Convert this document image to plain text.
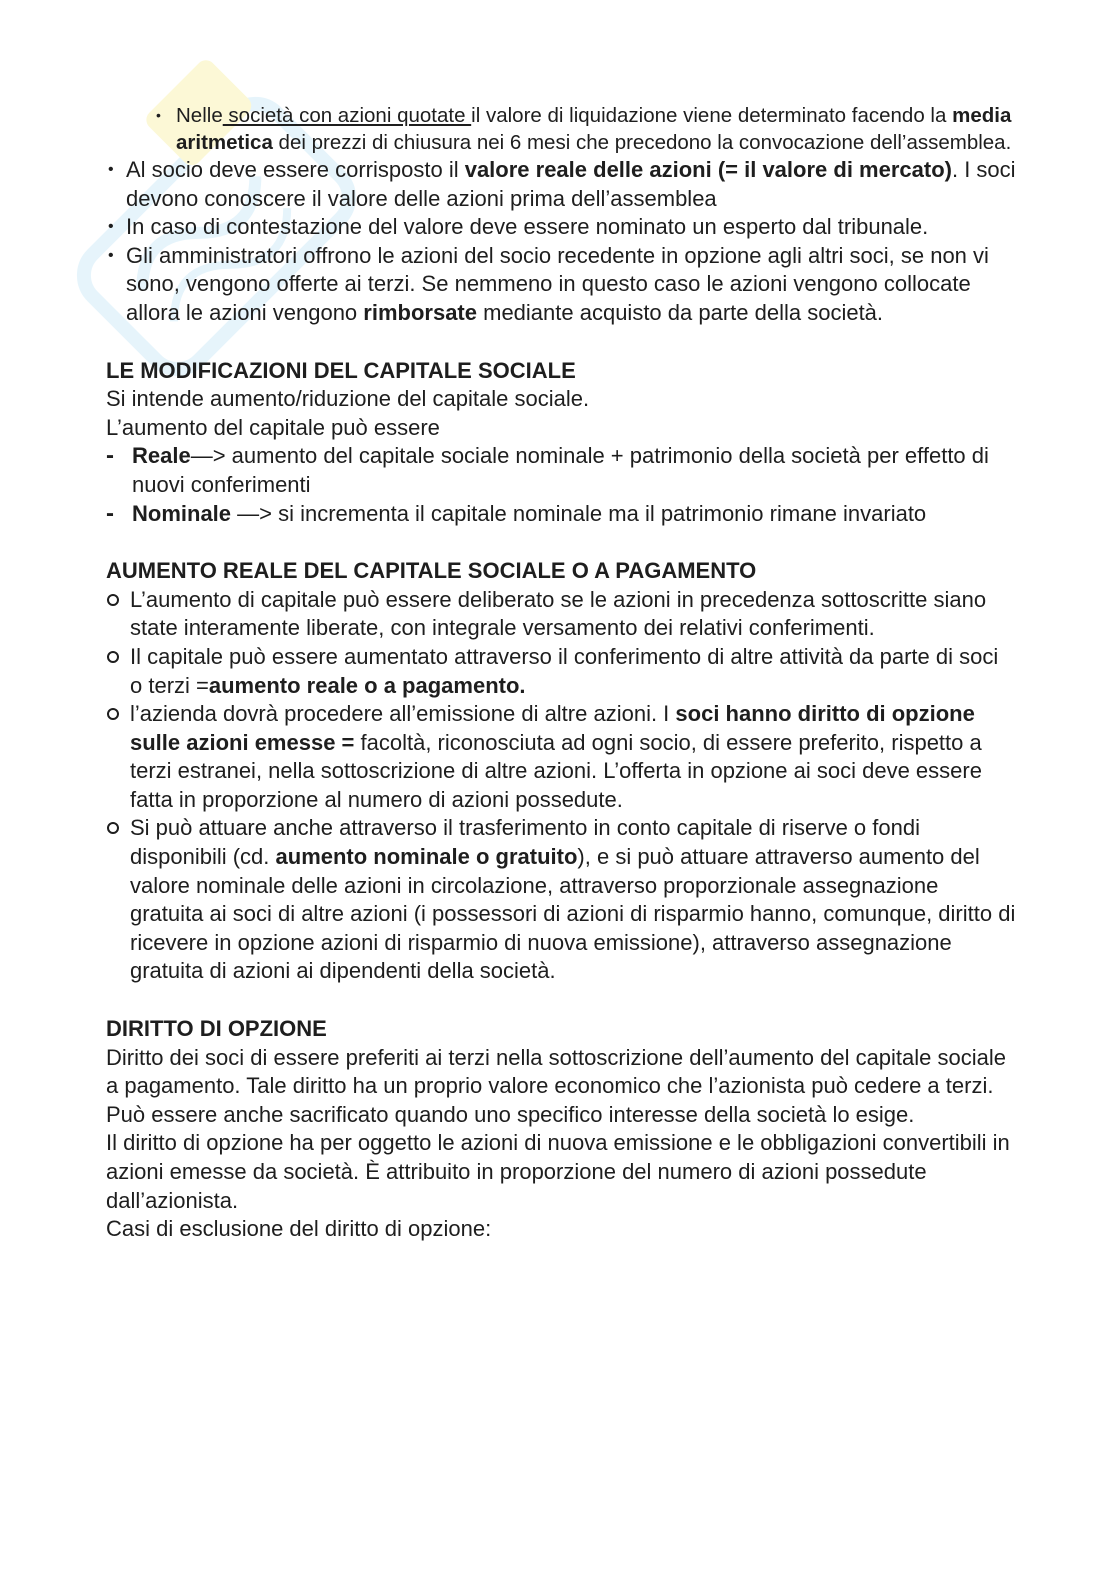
• Nelle società con azioni quotate il valore di liquidazione viene determinato facendo la media aritmetica dei prezzi di chiusura nei 6 mesi che precedono la convocazione dell’assemblea.
• Al socio deve essere corrisposto il valore reale delle azioni (= il valore di mercato). I soci devono conoscere il valore delle azioni prima dell’assemblea
• In caso di contestazione del valore deve essere nominato un esperto dal tribunale.
• Gli amministratori offrono le azioni del socio recedente in opzione agli altri soci, se non vi sono, vengono offerte ai terzi. Se nemmeno in questo caso le azioni vengono collocate allora le azioni vengono rimborsate mediante acquisto da parte della società.
LE MODIFICAZIONI DEL CAPITALE SOCIALE

Si intende aumento/riduzione del capitale sociale.

L’aumento del capitale può essere

- Reale—> aumento del capitale sociale nominale + patrimonio della società per effetto di nuovi conferimenti
- Nominale —> si incrementa il capitale nominale ma il patrimonio rimane invariato
AUMENTO REALE DEL CAPITALE SOCIALE O A PAGAMENTO
L’aumento di capitale può essere deliberato se le azioni in precedenza sottoscritte siano state interamente liberate, con integrale versamento dei relativi conferimenti.
Il capitale può essere aumentato attraverso il conferimento di altre attività da parte di soci o terzi =aumento reale o a pagamento.
l’azienda dovrà procedere all’emissione di altre azioni. I soci hanno diritto di opzione sulle azioni emesse = facoltà, riconosciuta ad ogni socio, di essere preferito, rispetto a terzi estranei, nella sottoscrizione di altre azioni. L’offerta in opzione ai soci deve essere fatta in proporzione al numero di azioni possedute.
Si può attuare anche attraverso il trasferimento in conto capitale di riserve o fondi disponibili (cd. aumento nominale o gratuito), e si può attuare attraverso aumento del valore nominale delle azioni in circolazione, attraverso proporzionale assegnazione gratuita ai soci di altre azioni (i possessori di azioni di risparmio hanno, comunque, diritto di ricevere in opzione azioni di risparmio di nuova emissione), attraverso assegnazione gratuita di azioni ai dipendenti della società.
DIRITTO DI OPZIONE

Diritto dei soci di essere preferiti ai terzi nella sottoscrizione dell’aumento del capitale sociale a pagamento. Tale diritto ha un proprio valore economico che l’azionista può cedere a terzi. Può essere anche sacrificato quando uno specifico interesse della società lo esige.

Il diritto di opzione ha per oggetto le azioni di nuova emissione e le obbligazioni convertibili in azioni emesse da società. È attribuito in proporzione del numero di azioni possedute dall’azionista.

Casi di esclusione del diritto di opzione:
